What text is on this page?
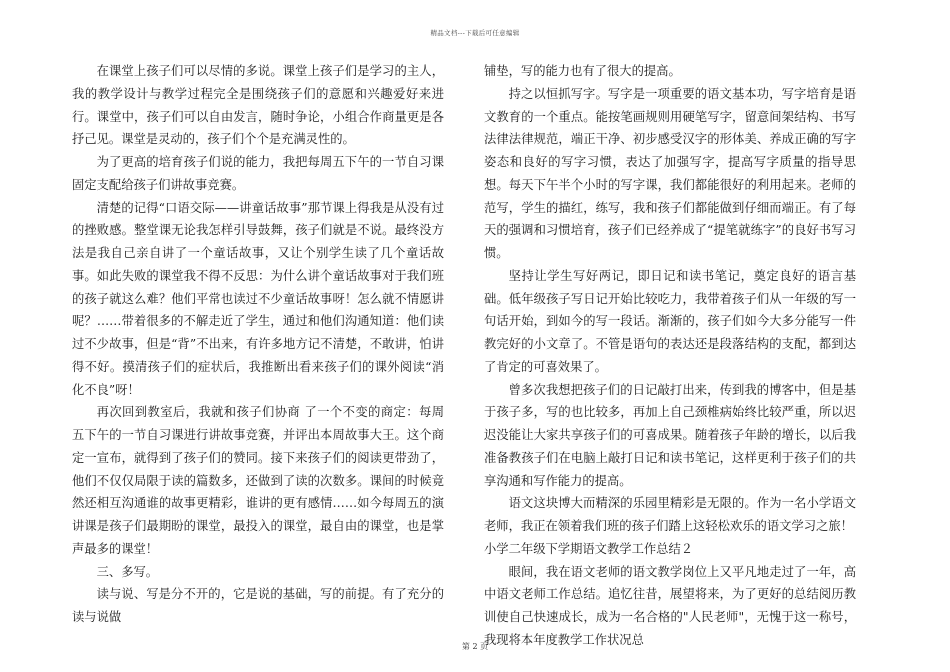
精品文档---下载后可任意编辑

在课堂上孩子们可以尽情的多说。课堂上孩子们是学习的主人，我的教学设计与教学过程完全是围绕孩子们的意愿和兴趣爱好来进行。课堂中，孩子们可以自由发言，随时争论，小组合作商量更是各抒己见。课堂是灵动的，孩子们个个是充满灵性的。

为了更高的培育孩子们说的能力，我把每周五下午的一节自习课固定支配给孩子们讲故事竞赛。

清楚的记得“口语交际——讲童话故事”那节课上得我是从没有过的挫败感。整堂课无论我怎样引导鼓舞，孩子们就是不说。最终没方法是我自己亲自讲了一个童话故事，又让个别学生读了几个童话故事。如此失败的课堂我不得不反思：为什么讲个童话故事对于我们班的孩子就这么难？他们平常也读过不少童话故事呀！怎么就不情愿讲呢？……带着很多的不解走近了学生，通过和他们沟通知道：他们读过不少故事，但是“背”不出来，有许多地方记不清楚，不敢讲，怕讲得不好。摸清孩子们的症状后，我推断出看来孩子们的课外阅读“消化不良”呀！

再次回到教室后，我就和孩子们协商 了一个不变的商定：每周五下午的一节自习课进行讲故事竞赛，并评出本周故事大王。这个商定一宣布，就得到了孩子们的赞同。接下来孩子们的阅读更带劲了，他们不仅仅局限于读的篇数多，还做到了读的次数多。课间的时候竟然还相互沟通谁的故事更精彩，谁讲的更有感情……如今每周五的演讲课是孩子们最期盼的课堂，最投入的课堂，最自由的课堂，也是掌声最多的课堂！

三、多写。

读与说、写是分不开的，它是说的基础，写的前提。有了充分的读与说做

铺垫，写的能力也有了很大的提高。

持之以恒抓写字。写字是一项重要的语文基本功，写字培育是语文教育的一个重点。能按笔画规则用硬笔写字，留意间架结构、书写法律法律规范，端正干净、初步感受汉字的形体美、养成正确的写字姿态和良好的写字习惯，表达了加强写字，提高写字质量的指导思想。每天下午半个小时的写字课，我们都能很好的利用起来。老师的范写，学生的描红，练写，我和孩子们都能做到仔细而端正。有了每天的强调和习惯培育，孩子们已经养成了“提笔就练字”的良好书写习惯。

坚持让学生写好两记，即日记和读书笔记，奠定良好的语言基础。低年级孩子写日记开始比较吃力，我带着孩子们从一年级的写一句话开始，到如今的写一段话。渐渐的，孩子们如今大多分能写一件教完好的小文章了。不管是语句的表达还是段落结构的支配，都到达了肯定的可喜效果了。

曾多次我想把孩子们的日记敲打出来，传到我的博客中，但是基于孩子多，写的也比较多，再加上自己颈椎病始终比较严重，所以迟迟没能让大家共享孩子们的可喜成果。随着孩子年龄的增长，以后我准备教孩子们在电脑上敲打日记和读书笔记，这样更利于孩子们的共享沟通和写作能力的提高。

语文这块博大而精深的乐园里精彩是无限的。作为一名小学语文老师，我正在领着我们班的孩子们踏上这轻松欢乐的语文学习之旅！

小学二年级下学期语文教学工作总结２

眼间，我在语文老师的语文教学岗位上又平凡地走过了一年，高中语文老师工作总结。追忆往昔，展望将来，为了更好的总结阅历教训使自己快速成长，成为一名合格的"人民老师"，无愧于这一称号，我现将本年度教学工作状况总

第 2 页
